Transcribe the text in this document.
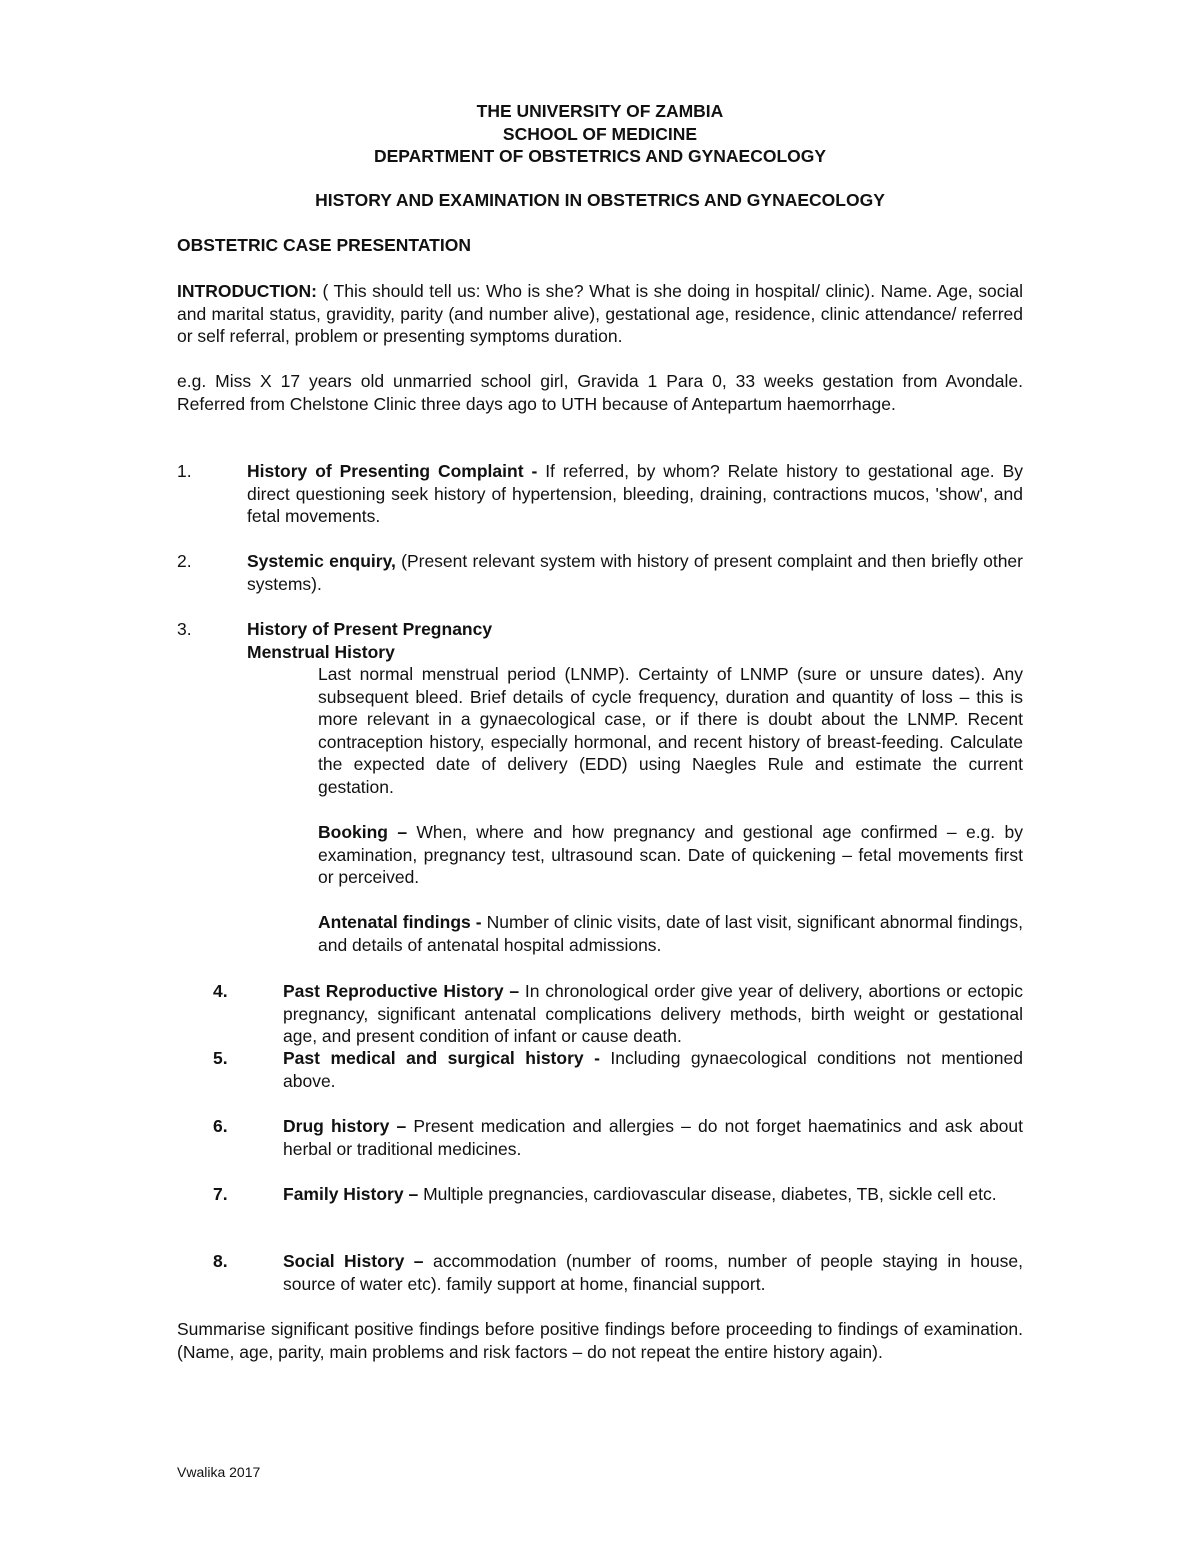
THE UNIVERSITY OF ZAMBIA
SCHOOL OF MEDICINE
DEPARTMENT OF OBSTETRICS AND GYNAECOLOGY
HISTORY AND EXAMINATION IN OBSTETRICS AND GYNAECOLOGY
OBSTETRIC CASE PRESENTATION
INTRODUCTION: ( This should tell us: Who is she? What is she doing in hospital/ clinic). Name. Age, social and marital status, gravidity, parity (and number alive), gestational age, residence, clinic attendance/ referred or self referral, problem or presenting symptoms duration.
e.g. Miss X 17 years old unmarried school girl, Gravida 1 Para 0, 33 weeks gestation from Avondale. Referred from Chelstone Clinic three days ago to UTH because of Antepartum haemorrhage.
1.	History of Presenting Complaint - If referred, by whom? Relate history to gestational age. By direct questioning seek history of hypertension, bleeding, draining, contractions mucos, 'show', and fetal movements.
2.	Systemic enquiry, (Present relevant system with history of present complaint and then briefly other systems).
3.	History of Present Pregnancy
Menstrual History
Last normal menstrual period (LNMP). Certainty of LNMP (sure or unsure dates). Any subsequent bleed. Brief details of cycle frequency, duration and quantity of loss – this is more relevant in a gynaecological case, or if there is doubt about the LNMP. Recent contraception history, especially hormonal, and recent history of breast-feeding. Calculate the expected date of delivery (EDD) using Naegles Rule and estimate the current gestation.
Booking – When, where and how pregnancy and gestional age confirmed – e.g. by examination, pregnancy test, ultrasound scan. Date of quickening – fetal movements first or perceived.
Antenatal findings - Number of clinic visits, date of last visit, significant abnormal findings, and details of antenatal hospital admissions.
4.	Past Reproductive History – In chronological order give year of delivery, abortions or ectopic pregnancy, significant antenatal complications delivery methods, birth weight or gestational age, and present condition of infant or cause death.
5.	Past medical and surgical history - Including gynaecological conditions not mentioned above.
6.	Drug history – Present medication and allergies – do not forget haematinics and ask about herbal or traditional medicines.
7.	Family History – Multiple pregnancies, cardiovascular disease, diabetes, TB, sickle cell etc.
8.	Social History – accommodation (number of rooms, number of people staying in house, source of water etc). family support at home, financial support.
Summarise significant positive findings before positive findings before proceeding to findings of examination. (Name, age, parity, main problems and risk factors – do not repeat the entire history again).
Vwalika 2017
